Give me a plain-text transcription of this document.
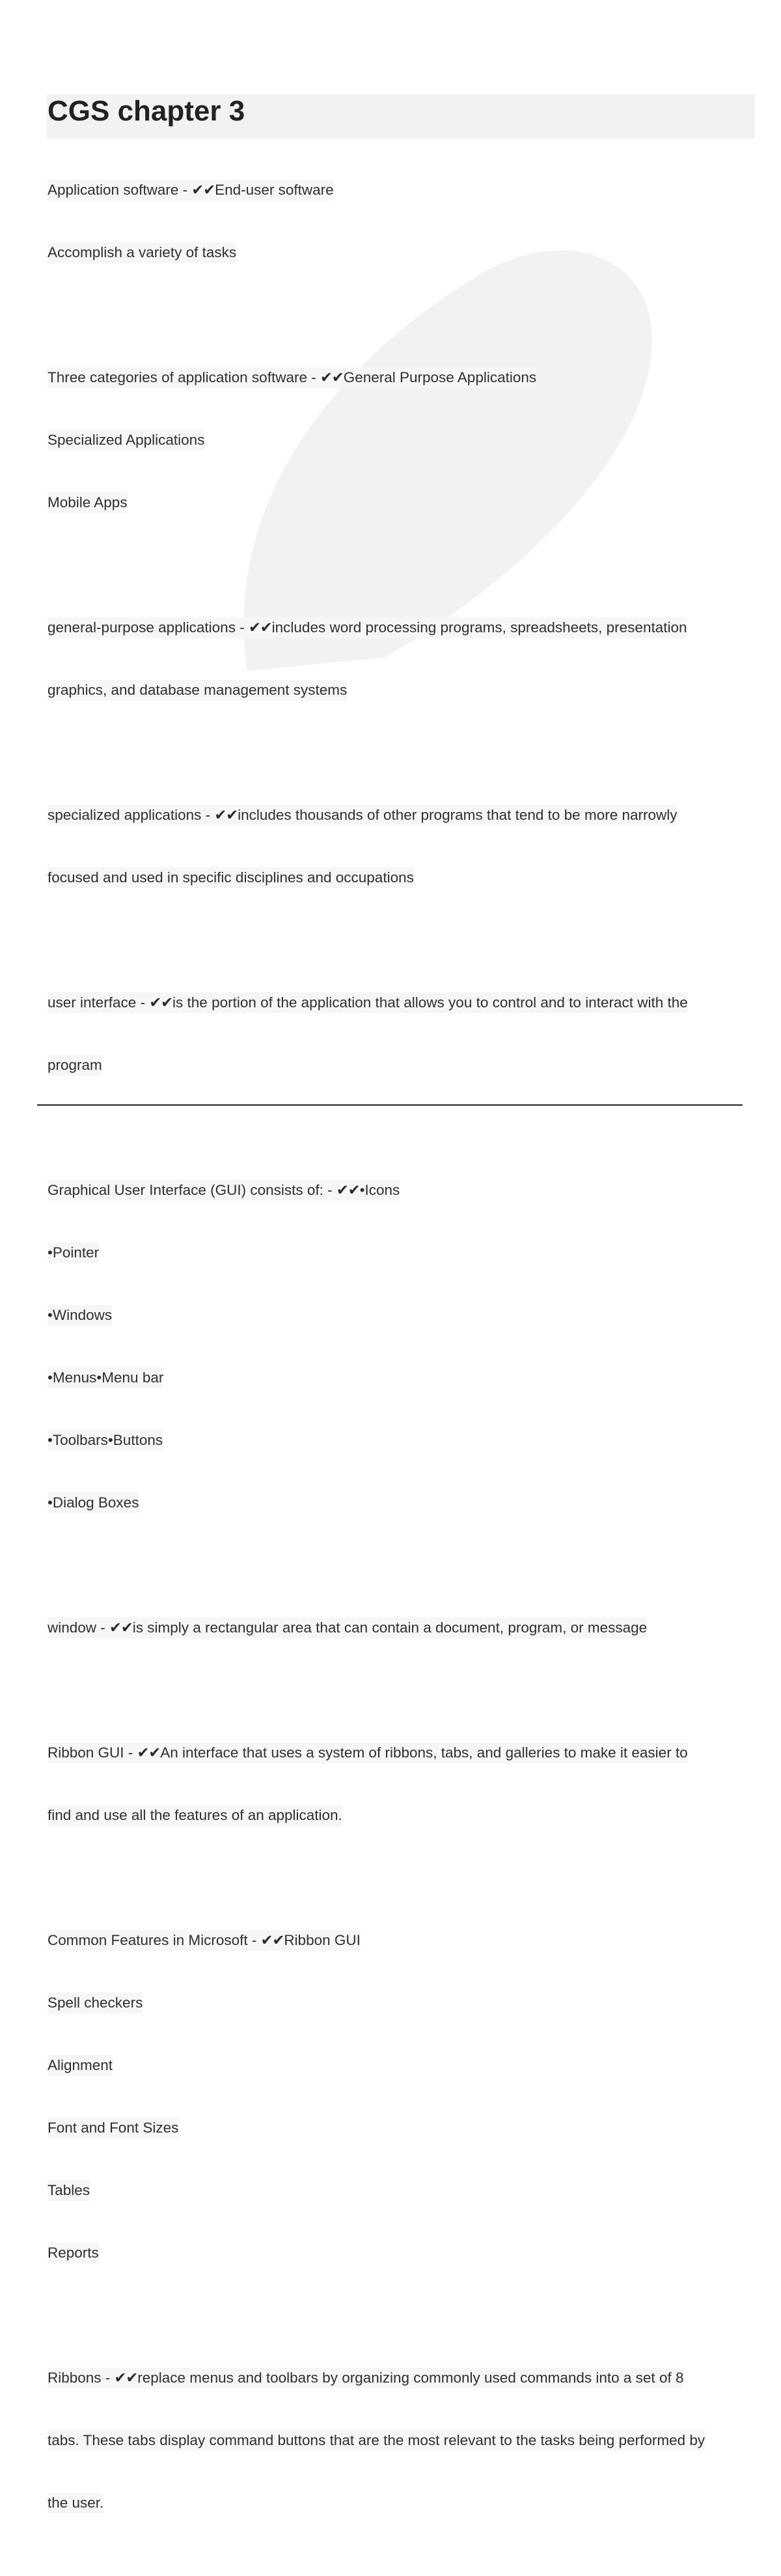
CGS chapter 3

Application software - ✔✔End-user software

Accomplish a variety of tasks

Three categories of application software - ✔✔General Purpose Applications

Specialized Applications

Mobile Apps

general-purpose applications - ✔✔includes word processing programs, spreadsheets, presentation

graphics, and database management systems

specialized applications - ✔✔includes thousands of other programs that tend to be more narrowly

focused and used in specific disciplines and occupations

user interface - ✔✔is the portion of the application that allows you to control and to interact with the

program

Graphical User Interface (GUI) consists of: - ✔✔•Icons

•Pointer

•Windows

•Menus•Menu bar

•Toolbars•Buttons

•Dialog Boxes

window - ✔✔is simply a rectangular area that can contain a document, program, or message

Ribbon GUI - ✔✔An interface that uses a system of ribbons, tabs, and galleries to make it easier to

find and use all the features of an application.

Common Features in Microsoft - ✔✔Ribbon GUI

Spell checkers

Alignment

Font and Font Sizes

Tables

Reports

Ribbons - ✔✔replace menus and toolbars by organizing commonly used commands into a set of 8

tabs. These tabs display command buttons that are the most relevant to the tasks being performed by

the user.
